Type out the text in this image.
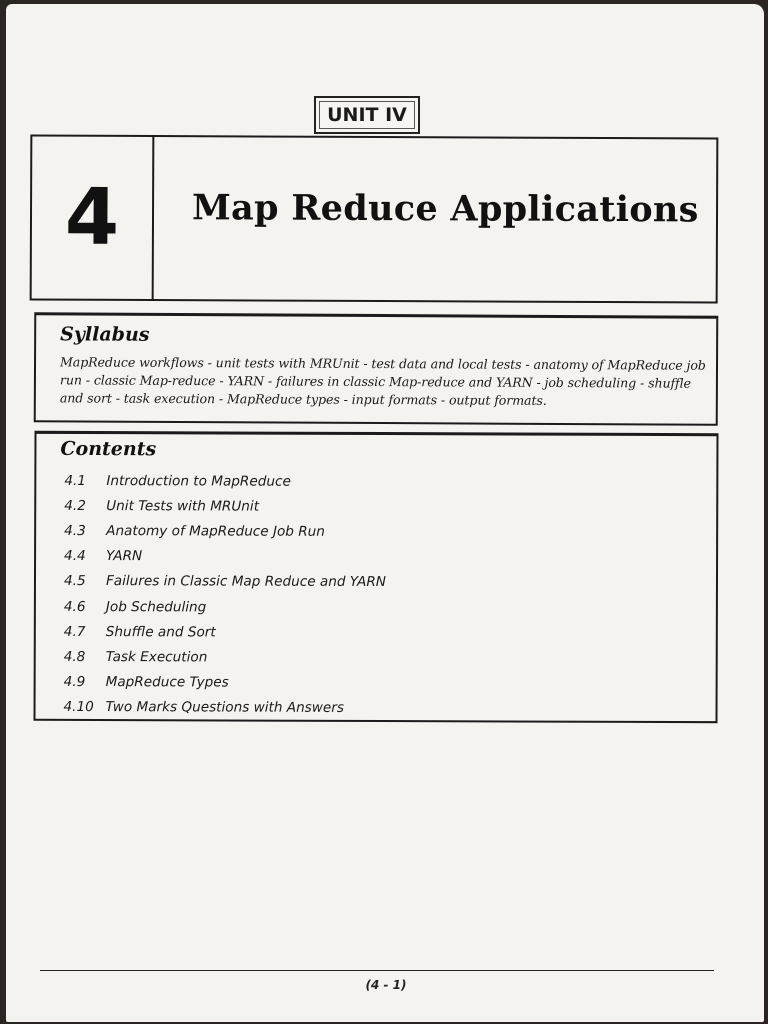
UNIT IV
4	Map Reduce Applications
Syllabus

MapReduce workflows - unit tests with MRUnit - test data and local tests - anatomy of MapReduce job run - classic Map-reduce - YARN - failures in classic Map-reduce and YARN - job scheduling - shuffle and sort - task execution - MapReduce types - input formats - output formats.

Contents
4.1	Introduction to MapReduce
4.2	Unit Tests with MRUnit
4.3	Anatomy of MapReduce Job Run
4.4	YARN
4.5	Failures in Classic Map Reduce and YARN
4.6	Job Scheduling
4.7	Shuffle and Sort
4.8	Task Execution
4.9	MapReduce Types
4.10 Two Marks Questions with Answers
(4 - 1)
